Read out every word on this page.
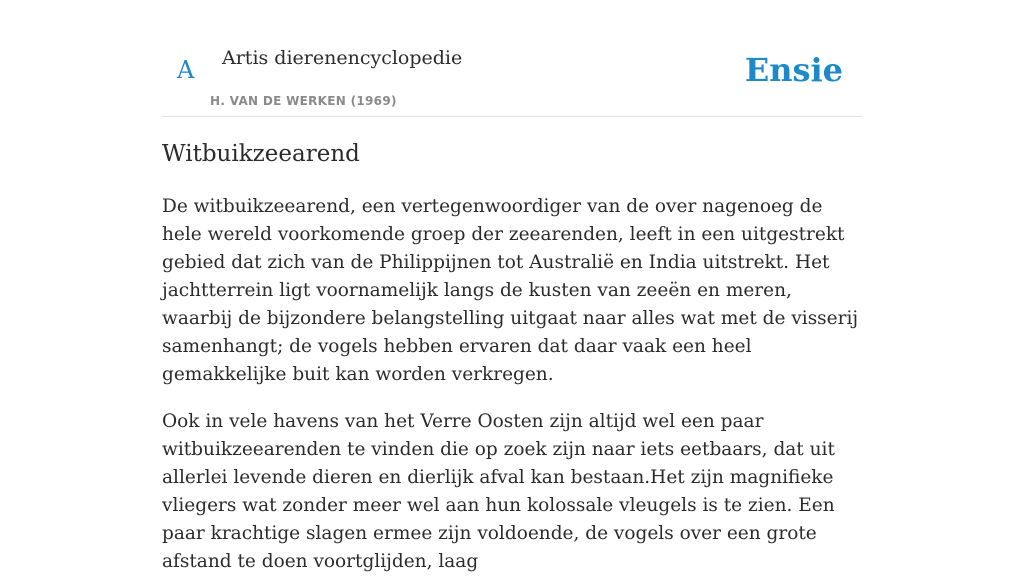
A Artis dierenencyclopedie
H. VAN DE WERKEN (1969)
Ensie
Witbuikzeearend

De witbuikzeearend, een vertegenwoordiger van de over nagenoeg de hele wereld voorkomende groep der zeearenden, leeft in een uitgestrekt gebied dat zich van de Philippijnen tot Australië en India uitstrekt. Het jachtterrein ligt voornamelijk langs de kusten van zeeën en meren, waarbij de bijzondere belangstelling uitgaat naar alles wat met de visserij samenhangt; de vogels hebben ervaren dat daar vaak een heel gemakkelijke buit kan worden verkregen.

Ook in vele havens van het Verre Oosten zijn altijd wel een paar witbuikzeearenden te vinden die op zoek zijn naar iets eetbaars, dat uit allerlei levende dieren en dierlijk afval kan bestaan.Het zijn magnifieke vliegers wat zonder meer wel aan hun kolossale vleugels is te zien. Een paar krachtige slagen ermee zijn voldoende, de vogels over een grote afstand te doen voortglijden, laag
